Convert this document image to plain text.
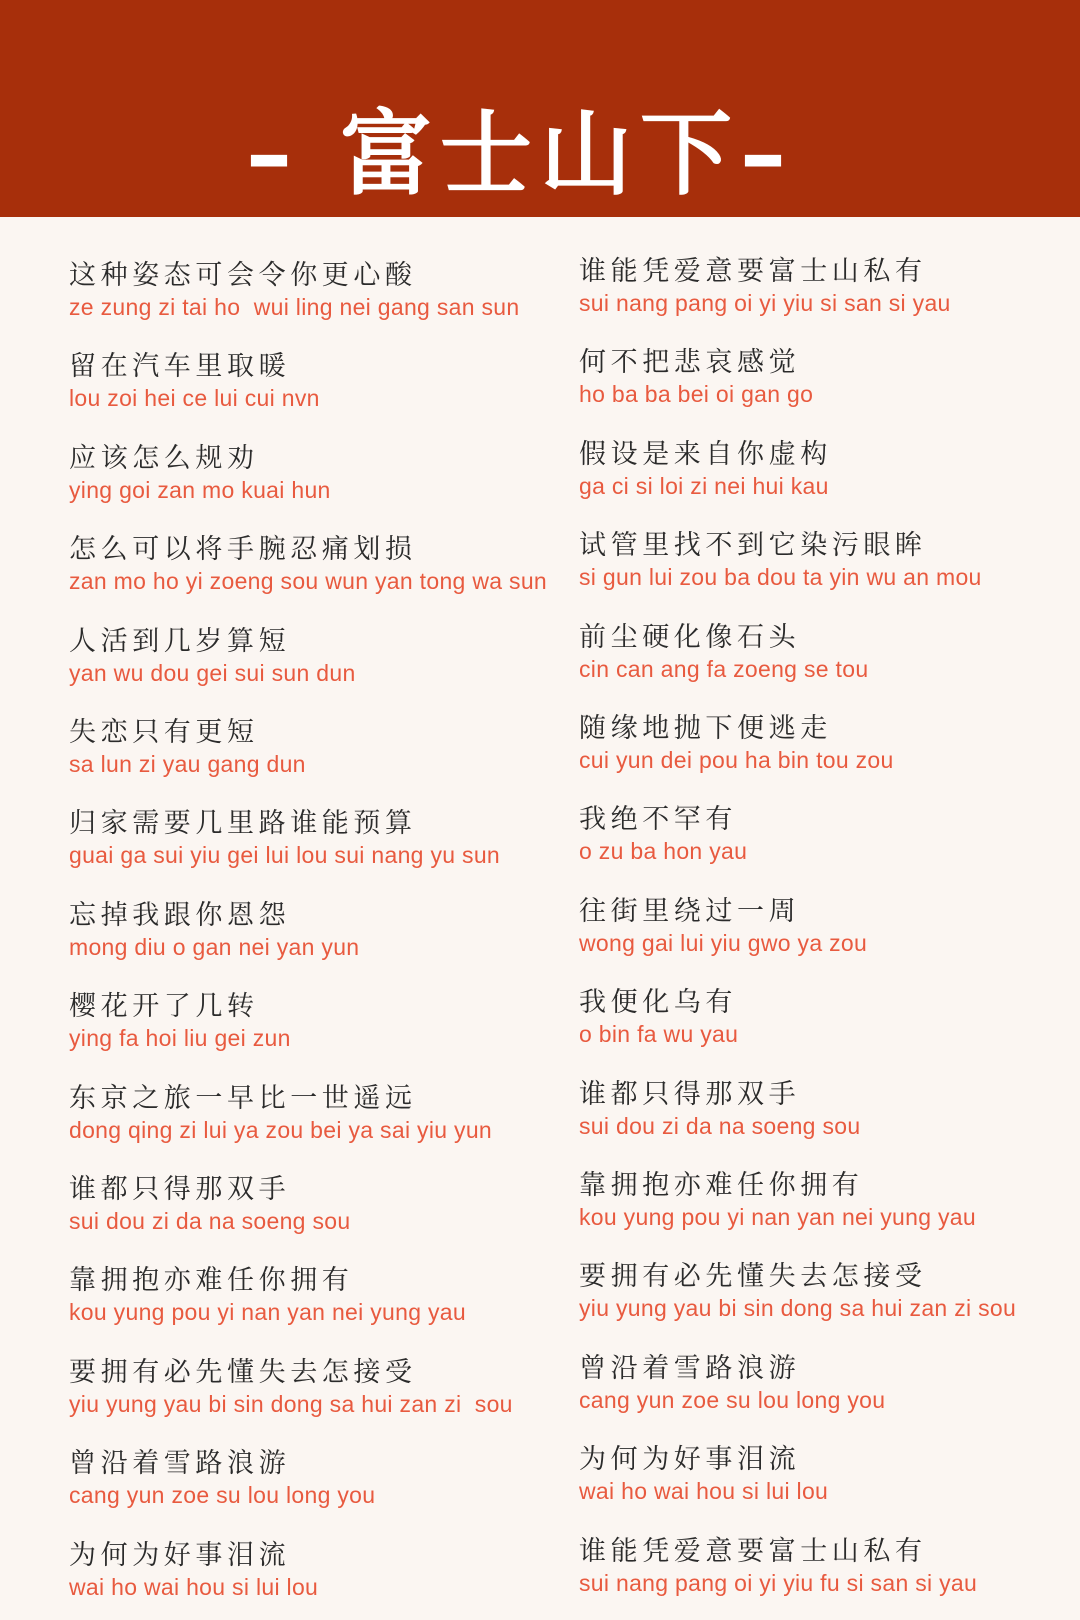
– 富士山下–
这种姿态可会令你更心酸
ze zung zi tai ho  wui ling nei gang san sun
留在汽车里取暖
lou zoi hei ce lui cui nvn
应该怎么规劝
ying goi zan mo kuai hun
怎么可以将手腕忍痛划损
zan mo ho yi zoeng sou wun yan tong wa sun
人活到几岁算短
yan wu dou gei sui sun dun
失恋只有更短
sa lun zi yau gang dun
归家需要几里路谁能预算
guai ga sui yiu gei lui lou sui nang yu sun
忘掉我跟你恩怨
mong diu o gan nei yan yun
樱花开了几转
ying fa hoi liu gei zun
东京之旅一早比一世遥远
dong qing zi lui ya zou bei ya sai yiu yun
谁都只得那双手
sui dou zi da na soeng sou
靠拥抱亦难任你拥有
kou yung pou yi nan yan nei yung yau
要拥有必先懂失去怎接受
yiu yung yau bi sin dong sa hui zan zi  sou
曾沿着雪路浪游
cang yun zoe su lou long you
为何为好事泪流
wai ho wai hou si lui lou
谁能凭爱意要富士山私有
sui nang pang oi yi yiu si san si yau
何不把悲哀感觉
ho ba ba bei oi gan go
假设是来自你虚构
ga ci si loi zi nei hui kau
试管里找不到它染污眼眸
si gun lui zou ba dou ta yin wu an mou
前尘硬化像石头
cin can ang fa zoeng se tou
随缘地抛下便逃走
cui yun dei pou ha bin tou zou
我绝不罕有
o zu ba hon yau
往街里绕过一周
wong gai lui yiu gwo ya zou
我便化乌有
o bin fa wu yau
谁都只得那双手
sui dou zi da na soeng sou
靠拥抱亦难任你拥有
kou yung pou yi nan yan nei yung yau
要拥有必先懂失去怎接受
yiu yung yau bi sin dong sa hui zan zi sou
曾沿着雪路浪游
cang yun zoe su lou long you
为何为好事泪流
wai ho wai hou si lui lou
谁能凭爱意要富士山私有
sui nang pang oi yi yiu fu si san si yau
